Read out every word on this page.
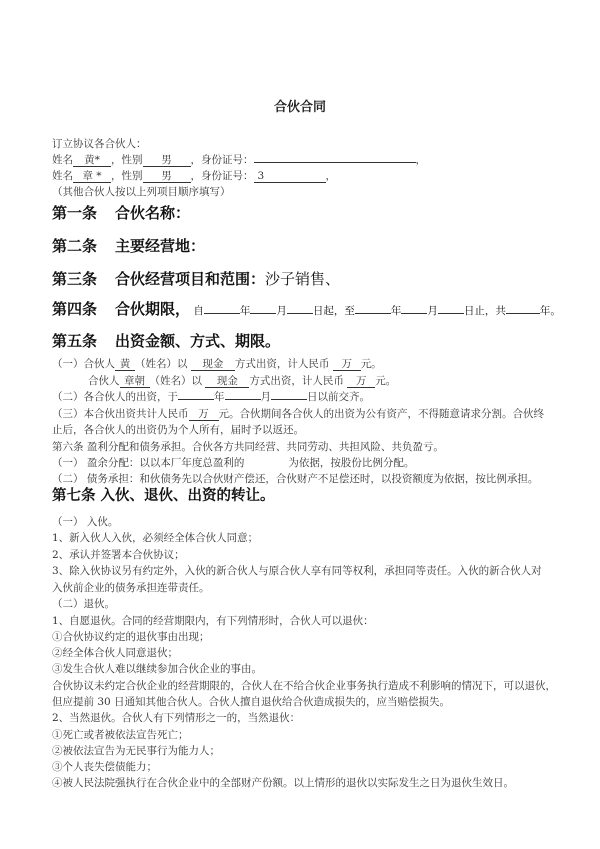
合伙合同
订立协议各合伙人：
姓名 黄* ，性别 男 ，身份证号：	，
姓名 章 * ，性别 男 ，身份证号： 3	，
（其他合伙人按以上列项目顺序填写）
第一条 合伙名称：
第二条 主要经营地：
第三条 合伙经营项目和范围：沙子销售、
第四条 合伙期限， 自	年 月 日起，至	年 月 日止，共	年。
第五条 出资金额、方式、期限。
（一）合伙人 黄 （姓名）以 现金 方式出资，计人民币 万 元。
合伙人 章朝 （姓名）以 现金 方式出资，计人民币 万 元。
（二）各合伙人的出资，于	年	月	日以前交齐。
（三）本合伙出资共计人民币 万 元。合伙期间各合伙人的出资为公有资产，不得随意请求分割。合伙终
止后，各合伙人的出资仍为个人所有，届时予以返还。
第六条 盈利分配和债务承担。合伙各方共同经营、共同劳动、共担风险、共负盈亏。
（一） 盈余分配：以以本厂年度总盈利的	为依据，按股份比例分配。
（二） 债务承担：和伙债务先以合伙财产偿还，合伙财产不足偿还时，以投资额度为依据，按比例承担。
第七条 入伙、退伙、出资的转让。
（一） 入伙。
1、新入伙人入伙，必须经全体合伙人同意；
2、承认并签署本合伙协议；
3、除入伙协议另有约定外，入伙的新合伙人与原合伙人享有同等权利，承担同等责任。入伙的新合伙人对
入伙前企业的债务承担连带责任。
（二）退伙。
1、自愿退伙。合同的经营期限内，有下列情形时，合伙人可以退伙：
①合伙协议约定的退伙事由出现；
②经全体合伙人同意退伙；
③发生合伙人难以继续参加合伙企业的事由。
合伙协议未约定合伙企业的经营期限的，合伙人在不给合伙企业事务执行造成不利影响的情况下，可以退伙，
但应提前 30 日通知其他合伙人。合伙人擅自退伙给合伙造成损失的，应当赔偿损失。
2、当然退伙。合伙人有下列情形之一的，当然退伙：
①死亡或者被依法宣告死亡；
②被依法宣告为无民事行为能力人；
③个人丧失偿债能力；
④被人民法院强执行在合伙企业中的全部财产份额。以上情形的退伙以实际发生之日为退伙生效日。
